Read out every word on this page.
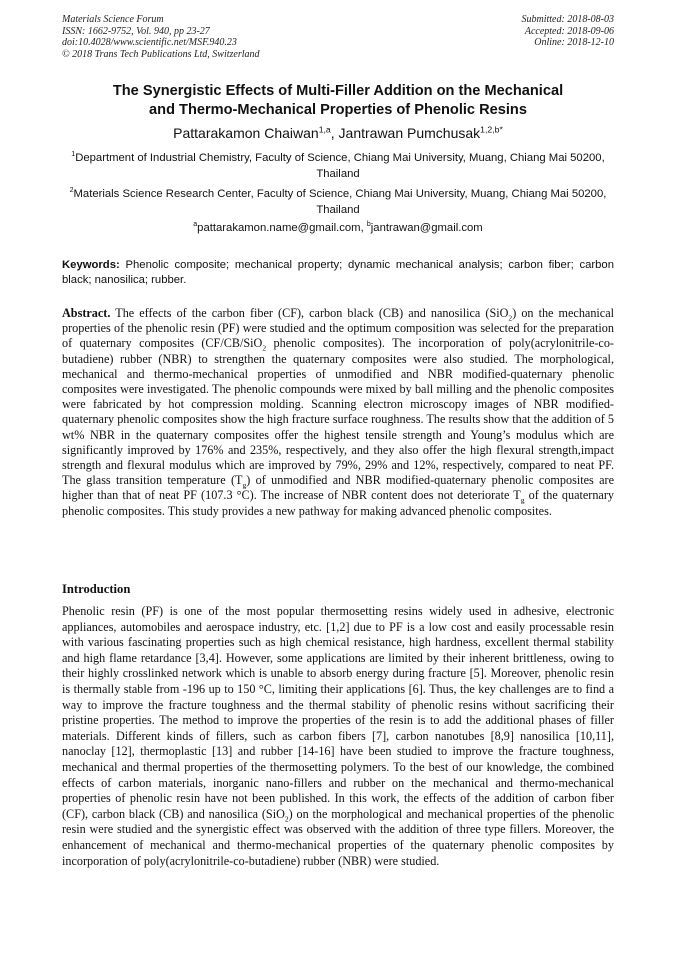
Materials Science Forum
ISSN: 1662-9752, Vol. 940, pp 23-27
doi:10.4028/www.scientific.net/MSF.940.23
© 2018 Trans Tech Publications Ltd, Switzerland
Submitted: 2018-08-03
Accepted: 2018-09-06
Online: 2018-12-10
The Synergistic Effects of Multi-Filler Addition on the Mechanical
and Thermo-Mechanical Properties of Phenolic Resins
Pattarakamon Chaiwan$^{1,a}$, Jantrawan Pumchusak$^{1,2,b*}$
$^1$Department of Industrial Chemistry, Faculty of Science, Chiang Mai University, Muang, Chiang Mai 50200, Thailand
$^2$Materials Science Research Center, Faculty of Science, Chiang Mai University, Muang, Chiang Mai 50200, Thailand
$^a$pattarakamon.name@gmail.com, $^b$jantrawan@gmail.com
Keywords: Phenolic composite; mechanical property; dynamic mechanical analysis; carbon fiber; carbon black; nanosilica; rubber.
Abstract. The effects of the carbon fiber (CF), carbon black (CB) and nanosilica (SiO$_2$) on the mechanical properties of the phenolic resin (PF) were studied and the optimum composition was selected for the preparation of quaternary composites (CF/CB/SiO$_2$ phenolic composites). The incorporation of poly(acrylonitrile-co-butadiene) rubber (NBR) to strengthen the quaternary composites were also studied. The morphological, mechanical and thermo-mechanical properties of unmodified and NBR modified-quaternary phenolic composites were investigated. The phenolic compounds were mixed by ball milling and the phenolic composites were fabricated by hot compression molding. Scanning electron microscopy images of NBR modified-quaternary phenolic composites show the high fracture surface roughness. The results show that the addition of 5 wt% NBR in the quaternary composites offer the highest tensile strength and Young’s modulus which are significantly improved by 176% and 235%, respectively, and they also offer the high flexural strength,impact strength and flexural modulus which are improved by 79%, 29% and 12%, respectively, compared to neat PF. The glass transition temperature $(T_g)$ of unmodified and NBR modified-quaternary phenolic composites are higher than that of neat PF (107.3 °C). The increase of NBR content does not deteriorate $T_g$ of the quaternary phenolic composites. This study provides a new pathway for making advanced phenolic composites.
Introduction
Phenolic resin (PF) is one of the most popular thermosetting resins widely used in adhesive, electronic appliances, automobiles and aerospace industry, etc. [1,2] due to PF is a low cost and easily processable resin with various fascinating properties such as high chemical resistance, high hardness, excellent thermal stability and high flame retardance [3,4]. However, some applications are limited by their inherent brittleness, owing to their highly crosslinked network which is unable to absorb energy during fracture [5]. Moreover, phenolic resin is thermally stable from -196 up to 150 °C, limiting their applications [6]. Thus, the key challenges are to find a way to improve the fracture toughness and the thermal stability of phenolic resins without sacrificing their pristine properties. The method to improve the properties of the resin is to add the additional phases of filler materials. Different kinds of fillers, such as carbon fibers [7], carbon nanotubes [8,9] nanosilica [10,11], nanoclay [12], thermoplastic [13] and rubber [14-16] have been studied to improve the fracture toughness, mechanical and thermal properties of the thermosetting polymers. To the best of our knowledge, the combined effects of carbon materials, inorganic nano-fillers and rubber on the mechanical and thermo-mechanical properties of phenolic resin have not been published. In this work, the effects of the addition of carbon fiber (CF), carbon black (CB) and nanosilica (SiO$_2$) on the morphological and mechanical properties of the phenolic resin were studied and the synergistic effect was observed with the addition of three type fillers. Moreover, the enhancement of mechanical and thermo-mechanical properties of the quaternary phenolic composites by incorporation of poly(acrylonitrile-co-butadiene) rubber (NBR) were studied.
